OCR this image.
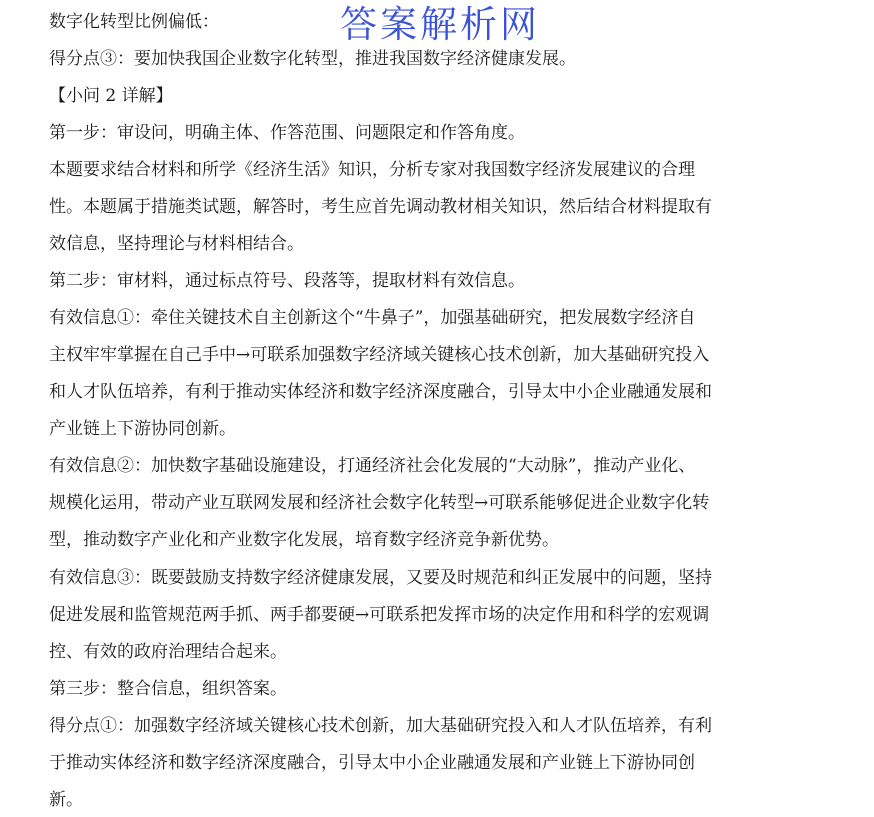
答案解析网

数字化转型比例偏低：

得分点③：要加快我国企业数字化转型，推进我国数字经济健康发展。

【小问 2 详解】

第一步：审设问，明确主体、作答范围、问题限定和作答角度。

本题要求结合材料和所学《经济生活》知识，分析专家对我国数字经济发展建议的合理

性。本题属于措施类试题，解答时，考生应首先调动教材相关知识，然后结合材料提取有

效信息，坚持理论与材料相结合。

第二步：审材料，通过标点符号、段落等，提取材料有效信息。

有效信息①：牵住关键技术自主创新这个“牛鼻子”，加强基础研究，把发展数字经济自

主权牢牢掌握在自己手中→可联系加强数字经济域关键核心技术创新，加大基础研究投入

和人才队伍培养，有利于推动实体经济和数字经济深度融合，引导太中小企业融通发展和

产业链上下游协同创新。

有效信息②：加快数字基础设施建设，打通经济社会化发展的“大动脉”，推动产业化、

规模化运用，带动产业互联网发展和经济社会数字化转型→可联系能够促进企业数字化转

型，推动数字产业化和产业数字化发展，培育数字经济竞争新优势。

有效信息③：既要鼓励支持数字经济健康发展，又要及时规范和纠正发展中的问题，坚持

促进发展和监管规范两手抓、两手都要硬→可联系把发挥市场的决定作用和科学的宏观调

控、有效的政府治理结合起来。

第三步：整合信息，组织答案。

得分点①：加强数字经济域关键核心技术创新，加大基础研究投入和人才队伍培养，有利

于推动实体经济和数字经济深度融合，引导太中小企业融通发展和产业链上下游协同创

新。
